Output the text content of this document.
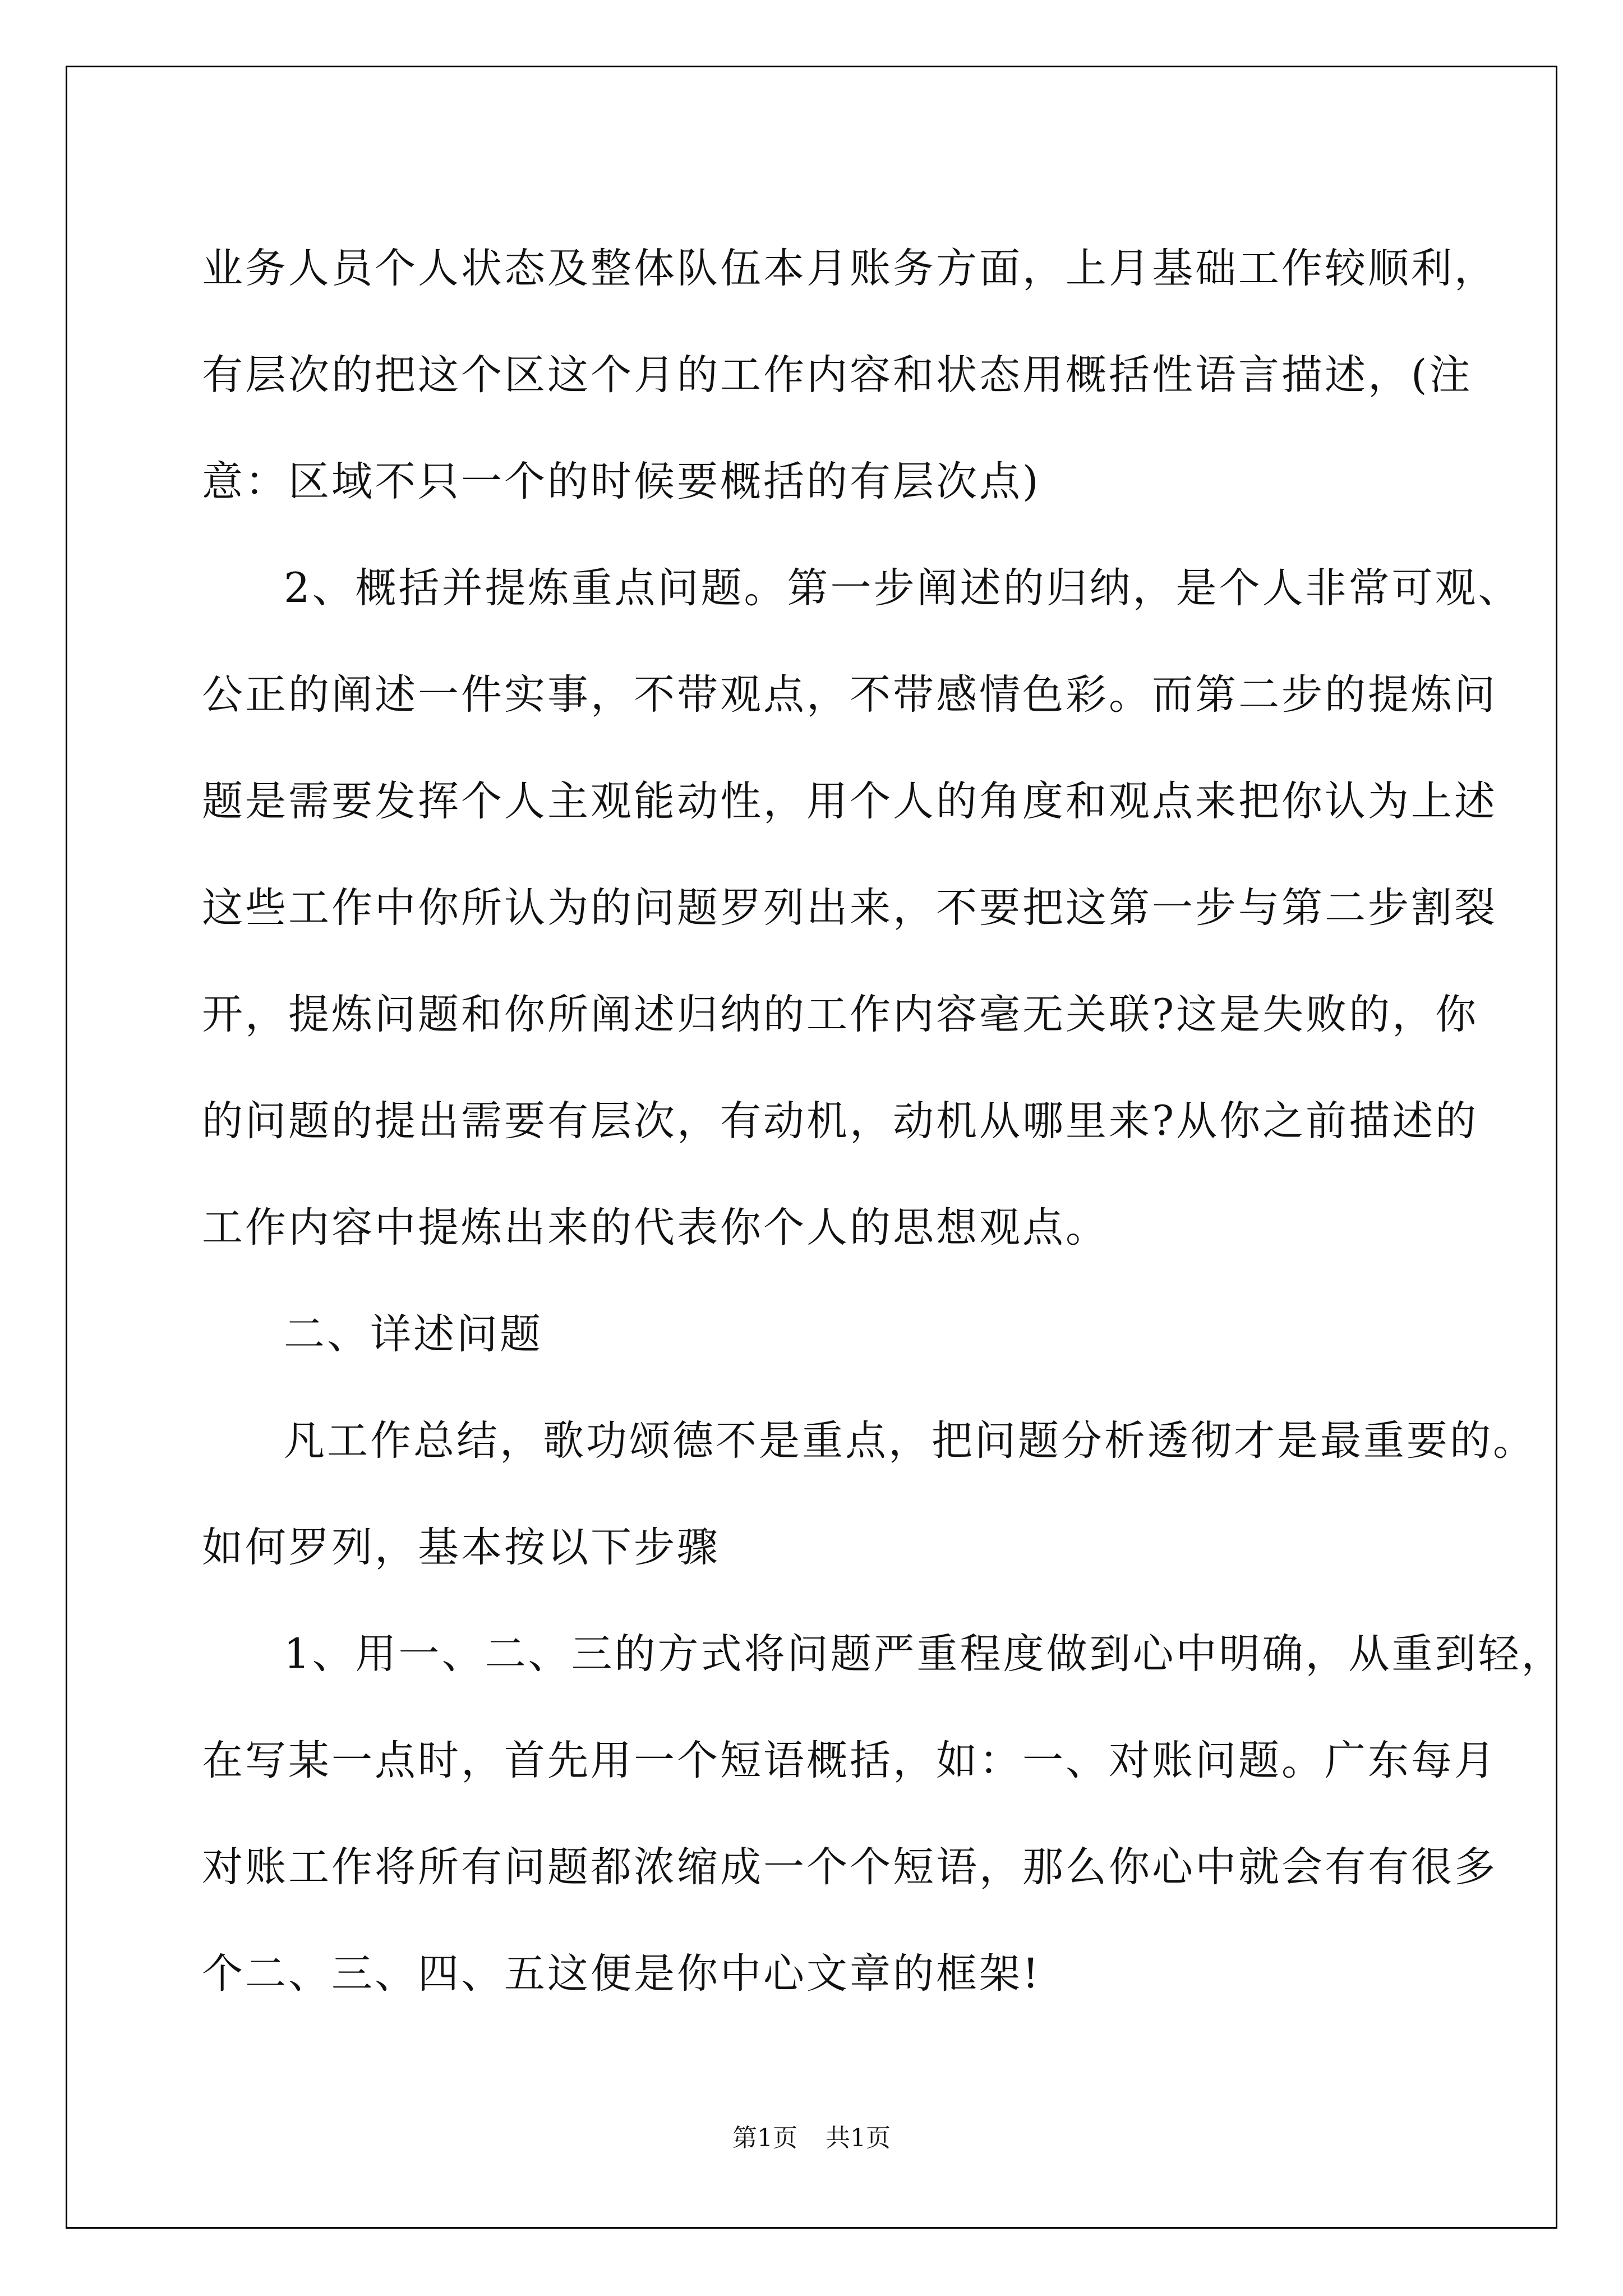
业务人员个人状态及整体队伍本月账务方面，上月基础工作较顺利，
有层次的把这个区这个月的工作内容和状态用概括性语言描述，(注
意：区域不只一个的时候要概括的有层次点)
2、概括并提炼重点问题。第一步阐述的归纳，是个人非常可观、
公正的阐述一件实事，不带观点，不带感情色彩。而第二步的提炼问
题是需要发挥个人主观能动性，用个人的角度和观点来把你认为上述
这些工作中你所认为的问题罗列出来，不要把这第一步与第二步割裂
开，提炼问题和你所阐述归纳的工作内容毫无关联?这是失败的，你
的问题的提出需要有层次，有动机，动机从哪里来?从你之前描述的
工作内容中提炼出来的代表你个人的思想观点。
二、详述问题
凡工作总结，歌功颂德不是重点，把问题分析透彻才是最重要的。
如何罗列，基本按以下步骤
1、用一、二、三的方式将问题严重程度做到心中明确，从重到轻，
在写某一点时，首先用一个短语概括，如：一、对账问题。广东每月
对账工作将所有问题都浓缩成一个个短语，那么你心中就会有有很多
个二、三、四、五这便是你中心文章的框架!
第1页 共1页
